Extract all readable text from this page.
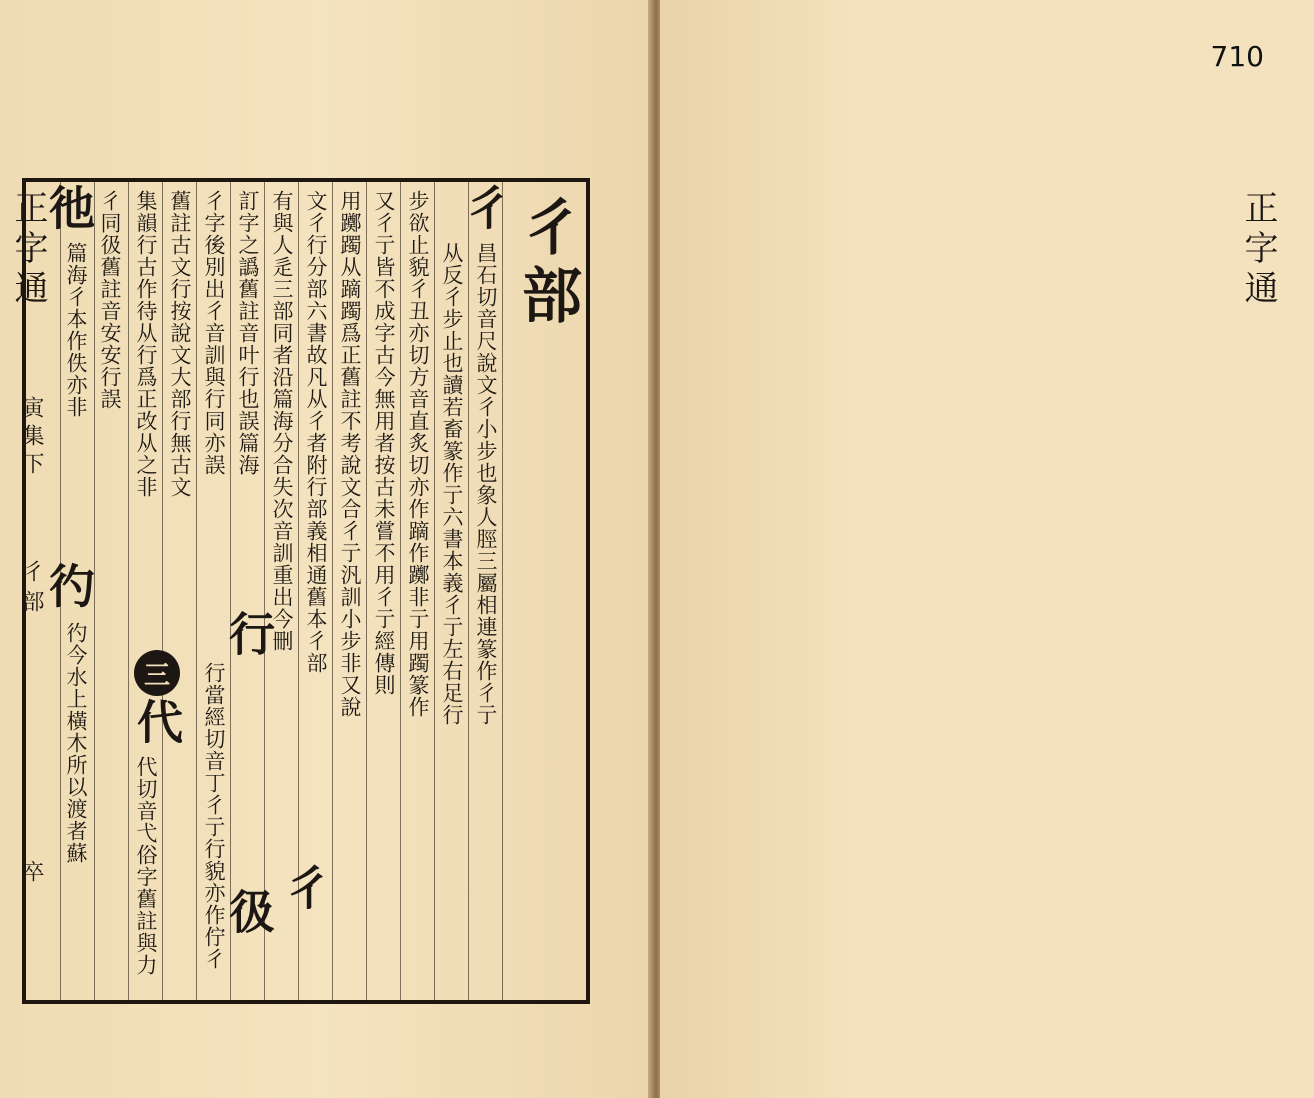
正字通
寅集下
彳部
卒
彳部
彳
昌石切音尺說文彳小步也象人脛三屬相連篆作彳亍
从反彳步止也讀若畜篆作亍六書本義彳亍左右足行
步欲止貌彳丑亦切方音直炙切亦作蹢作躑非亍用躅篆作
又彳亍皆不成字古今無用者按古未嘗不用彳亍經傳則
用躑躅从蹢躅爲正舊註不考說文合彳亍汎訓小步非又說
文彳行分部六書故凡从彳者附行部義相通舊本彳部
有與人辵三部同者沿篇海分合失次音訓重出今刪
訂字之譌舊註音叶行也誤篇海
行
行當經切音丁彳亍行貌亦作佇彳
彳字後別出彳音訓與行同亦誤
舊註古文行按說文大部行無古文
集韻行古作待从行爲正改从之非
三
代
代切音弋俗字舊註與力 彶
彳
彵 彳同彶舊註音安安行誤
篇海彳本作佚亦非
彴
彴今水上橫木所以渡者蘇
710
正字通
